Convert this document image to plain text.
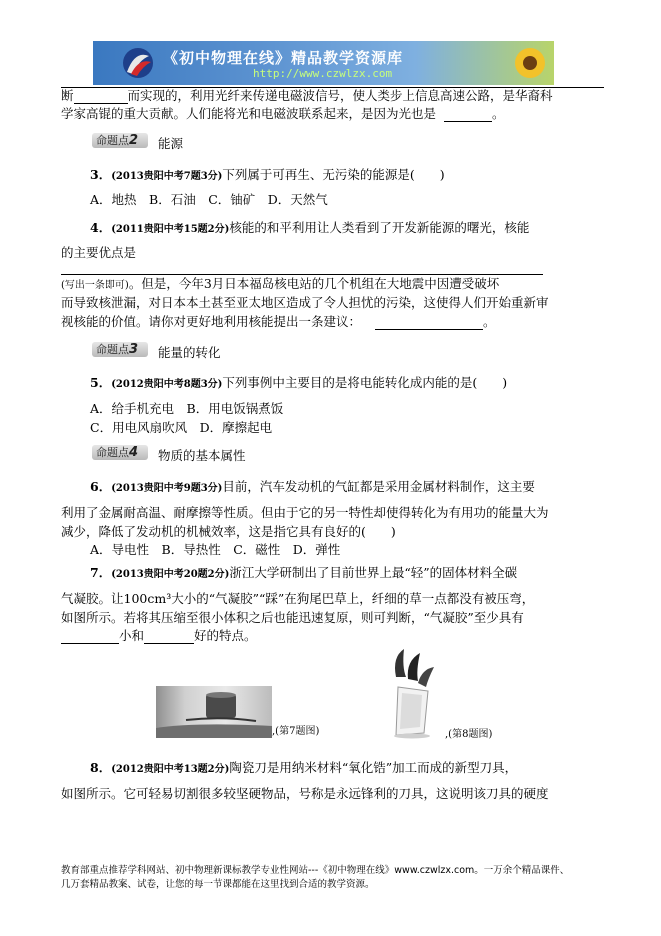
《初中物理在线》精品教学资源库
http://www.czwlzx.com
断	而实现的，利用光纤来传递电磁波信号，使人类步上信息高速公路，是华裔科
学家高锟的重大贡献。人们能将光和电磁波联系起来，是因为光也是	。
命题点2	能源
3．(2013贵阳中考7题3分)下列属于可再生、无污染的能源是(　　)
A．地热　B．石油　C．铀矿　D．天然气
4．(2011贵阳中考15题2分)核能的和平利用让人类看到了开发新能源的曙光，核能
的主要优点是
(写出一条即可)。但是，今年3月日本福岛核电站的几个机组在大地震中因遭受破坏
而导致核泄漏，对日本本土甚至亚太地区造成了令人担忧的污染，这使得人们开始重新审
视核能的价值。请你对更好地利用核能提出一条建议：	。
命题点3	能量的转化
5．(2012贵阳中考8题3分)下列事例中主要目的是将电能转化成内能的是(　　)
A．给手机充电　B．用电饭锅煮饭
C．用电风扇吹风　D．摩擦起电
命题点4	物质的基本属性
6．(2013贵阳中考9题3分)目前，汽车发动机的气缸都是采用金属材料制作，这主要
利用了金属耐高温、耐摩擦等性质。但由于它的另一特性却使得转化为有用功的能量大为
减少，降低了发动机的机械效率，这是指它具有良好的(　　)
A．导电性　B．导热性　C．磁性　D．弹性
7．(2013贵阳中考20题2分)浙江大学研制出了目前世界上最“轻”的固体材料全碳
气凝胶。让100cm³大小的“气凝胶”“踩”在狗尾巴草上，纤细的草一点都没有被压弯，
如图所示。若将其压缩至很小体积之后也能迅速复原，则可判断，“气凝胶”至少具有
小和	好的特点。
,(第7题图)	,(第8题图)
8．(2012贵阳中考13题2分)陶瓷刀是用纳米材料“氧化锆”加工而成的新型刀具，
如图所示。它可轻易切割很多较坚硬物品，号称是永远锋利的刀具，这说明该刀具的硬度
教育部重点推荐学科网站、初中物理新课标教学专业性网站---《初中物理在线》www.czwlzx.com。一万余个精品课件、
几万套精品教案、试卷，让您的每一节课都能在这里找到合适的教学资源。
